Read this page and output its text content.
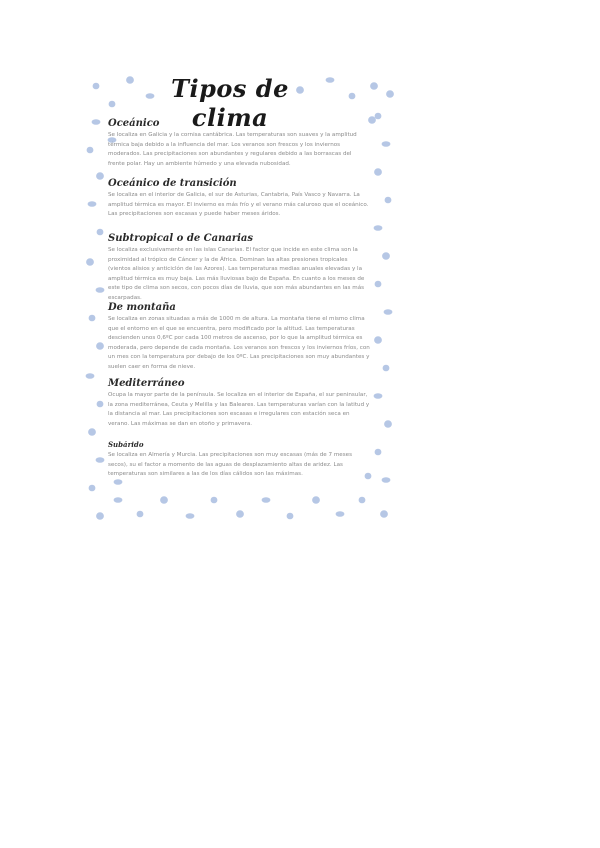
Tipos de clima

Oceánico

Se localiza en Galicia y la cornisa cantábrica. Las temperaturas son suaves y la amplitud térmica baja debido a la influencia del mar. Los veranos son frescos y los inviernos moderados. Las precipitaciones son abundantes y regulares debido a las borrascas del frente polar. Hay un ambiente húmedo y una elevada nubosidad.

Oceánico de transición

Se localiza en el interior de Galicia, el sur de Asturias, Cantabria, País Vasco y Navarra. La amplitud térmica es mayor. El invierno es más frío y el verano más caluroso que el oceánico. Las precipitaciones son escasas y puede haber meses áridos.

Subtropical o de Canarias

Se localiza exclusivamente en las islas Canarias. El factor que incide en este clima son la proximidad al trópico de Cáncer y la de África. Dominan las altas presiones tropicales (vientos alisios y anticiclón de las Azores). Las temperaturas medias anuales elevadas y la amplitud térmica es muy baja. Las más lluviosas bajo de España. En cuanto a los meses de este tipo de clima son secos, con pocos días de lluvia, que son más abundantes en las más escarpadas.

De montaña

Se localiza en zonas situadas a más de 1000 m de altura. La montaña tiene el mismo clima que el entorno en el que se encuentra, pero modificado por la altitud. Las temperaturas descienden unos 0,6ºC por cada 100 metros de ascenso, por lo que la amplitud térmica es moderada, pero depende de cada montaña. Los veranos son frescos y los inviernos fríos, con un mes con la temperatura por debajo de los 0ºC. Las precipitaciones son muy abundantes y suelen caer en forma de nieve.

Mediterráneo

Ocupa la mayor parte de la península. Se localiza en el interior de España, el sur peninsular, la zona mediterránea, Ceuta y Melilla y las Baleares. Las temperaturas varían con la latitud y la distancia al mar. Las precipitaciones son escasas e irregulares con estación seca en verano. Las máximas se dan en otoño y primavera.

Subárido

Se localiza en Almería y Murcia. Las precipitaciones son muy escasas (más de 7 meses secos), su el factor a momento de las aguas de desplazamiento altas de aridez. Las temperaturas son similares a las de los días cálidos son las máximas.
